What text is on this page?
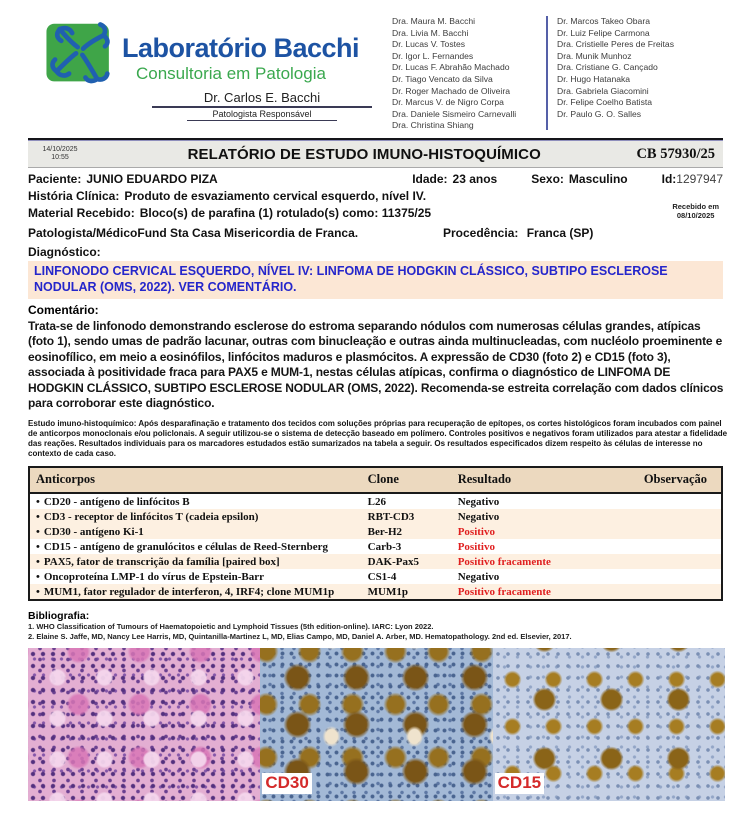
Laboratório Bacchi
Consultoria em Patologia
Dr. Carlos E. Bacchi
Patologista Responsável
Dra. Maura M. Bacchi
Dra. Livia M. Bacchi
Dr. Lucas V. Tostes
Dr. Igor L. Fernandes
Dr. Lucas F. Abrahão Machado
Dr. Tiago Vencato da Silva
Dr. Roger Machado de Oliveira
Dr. Marcus V. de Nigro Corpa
Dra. Daniele Sismeiro Carnevalli
Dra. Christina Shiang
Dr. Marcos Takeo Obara
Dr. Luiz Felipe Carmona
Dra. Cristielle Peres de Freitas
Dra. Munik Munhoz
Dra. Cristiane G. Cançado
Dr. Hugo Hatanaka
Dra. Gabriela Giacomini
Dr. Felipe Coelho Batista
Dr. Paulo G. O. Salles
14/10/2025
10:55	RELATÓRIO DE ESTUDO IMUNO-HISTOQUÍMICO	CB 57930/25
Paciente: JUNIO EDUARDO PIZA	Idade: 23 anos	Sexo: Masculino	Id:1297947
História Clínica: Produto de esvaziamento cervical esquerdo, nível IV.
Material Recebido: Bloco(s) de parafina (1) rotulado(s) como: 11375/25	Recebido em
08/10/2025
Patologista/Médico Fund Sta Casa Misericordia de Franca.	Procedência: Franca (SP)
Diagnóstico:
LINFONODO CERVICAL ESQUERDO, NÍVEL IV: LINFOMA DE HODGKIN CLÁSSICO, SUBTIPO ESCLEROSE NODULAR (OMS, 2022). VER COMENTÁRIO.
Comentário:
Trata-se de linfonodo demonstrando esclerose do estroma separando nódulos com numerosas células grandes, atípicas (foto 1), sendo umas de padrão lacunar, outras com binucleação e outras ainda multinucleadas, com nucléolo proeminente e eosinofílico, em meio a eosinófilos, linfócitos maduros e plasmócitos. A expressão de CD30 (foto 2) e CD15 (foto 3), associada à positividade fraca para PAX5 e MUM-1, nestas células atípicas, confirma o diagnóstico de LINFOMA DE HODGKIN CLÁSSICO, SUBTIPO ESCLEROSE NODULAR (OMS, 2022). Recomenda-se estreita correlação com dados clínicos para corroborar este diagnóstico.
Estudo imuno-histoquímico: Após desparafinação e tratamento dos tecidos com soluções próprias para recuperação de epítopes, os cortes histológicos foram incubados com painel de anticorpos monoclonais e/ou policlonais. A seguir utilizou-se o sistema de detecção baseado em polímero. Controles positivos e negativos foram utilizados para atestar a fidelidade das reações. Resultados individuais para os marcadores estudados estão sumarizados na tabela a seguir. Os resultados especificados dizem respeito às células de interesse no contexto de cada caso.
Anticorpos	Clone	Resultado	Observação
• CD20 - antígeno de linfócitos B	L26	Negativo	
• CD3 - receptor de linfócitos T (cadeia epsilon)	RBT-CD3	Negativo	
• CD30 - antígeno Ki-1	Ber-H2	Positivo	
• CD15 - antígeno de granulócitos e células de Reed-Sternberg	Carb-3	Positivo	
• PAX5, fator de transcrição da família [paired box]	DAK-Pax5	Positivo fracamente	
• Oncoproteína LMP-1 do vírus de Epstein-Barr	CS1-4	Negativo	
• MUM1, fator regulador de interferon, 4, IRF4; clone MUM1p	MUM1p	Positivo fracamente	
Bibliografia:
1. WHO Classification of Tumours of Haematopoietic and Lymphoid Tissues (5th edition-online). IARC: Lyon 2022.
2. Elaine S. Jaffe, MD, Nancy Lee Harris, MD, Quintanilla-Martinez L, MD, Elias Campo, MD, Daniel A. Arber, MD. Hematopathology. 2nd ed. Elsevier, 2017.
CD30	CD15
